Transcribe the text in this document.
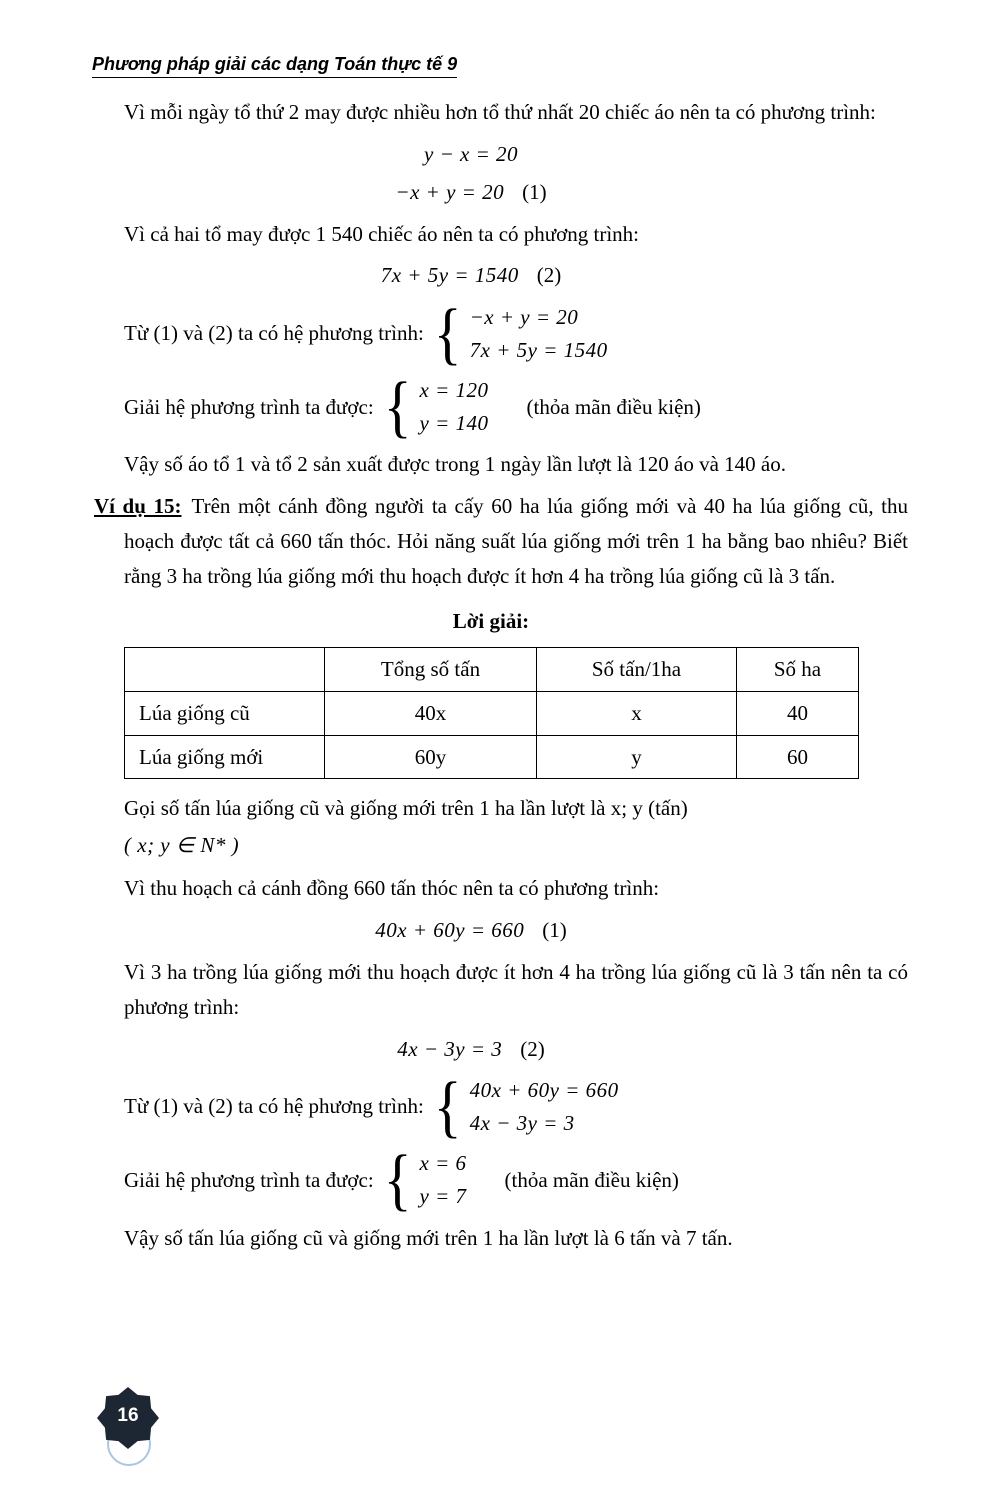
Phương pháp giải các dạng Toán thực tế 9

Vì mỗi ngày tổ thứ 2 may được nhiều hơn tổ thứ nhất 20 chiếc áo nên ta có phương trình:

y − x = 20
−x + y = 20 (1)

Vì cả hai tổ may được 1 540 chiếc áo nên ta có phương trình:

7x + 5y = 1540 (2)
Từ (1) và (2) ta có hệ phương trình: { −x + y = 20
7x + 5y = 1540
Giải hệ phương trình ta được: { x = 120
y = 140
(thỏa mãn điều kiện)

Vậy số áo tổ 1 và tổ 2 sản xuất được trong 1 ngày lần lượt là 120 áo và 140 áo.

Ví dụ 15: Trên một cánh đồng người ta cấy 60 ha lúa giống mới và 40 ha lúa giống cũ, thu hoạch được tất cả 660 tấn thóc. Hỏi năng suất lúa giống mới trên 1 ha bằng bao nhiêu? Biết rằng 3 ha trồng lúa giống mới thu hoạch được ít hơn 4 ha trồng lúa giống cũ là 3 tấn.

Lời giải:

	Tổng số tấn	Số tấn/1ha	Số ha
Lúa giống cũ	40x	x	40
Lúa giống mới	60y	y	60

Gọi số tấn lúa giống cũ và giống mới trên 1 ha lần lượt là x; y (tấn)

( x; y ∈ N* )

Vì thu hoạch cả cánh đồng 660 tấn thóc nên ta có phương trình:

40x + 60y = 660 (1)

Vì 3 ha trồng lúa giống mới thu hoạch được ít hơn 4 ha trồng lúa giống cũ là 3 tấn nên ta có phương trình:

4x − 3y = 3 (2)
Từ (1) và (2) ta có hệ phương trình: { 40x + 60y = 660
4x − 3y = 3
Giải hệ phương trình ta được: { x = 6
y = 7
(thỏa mãn điều kiện)

Vậy số tấn lúa giống cũ và giống mới trên 1 ha lần lượt là 6 tấn và 7 tấn.

16
